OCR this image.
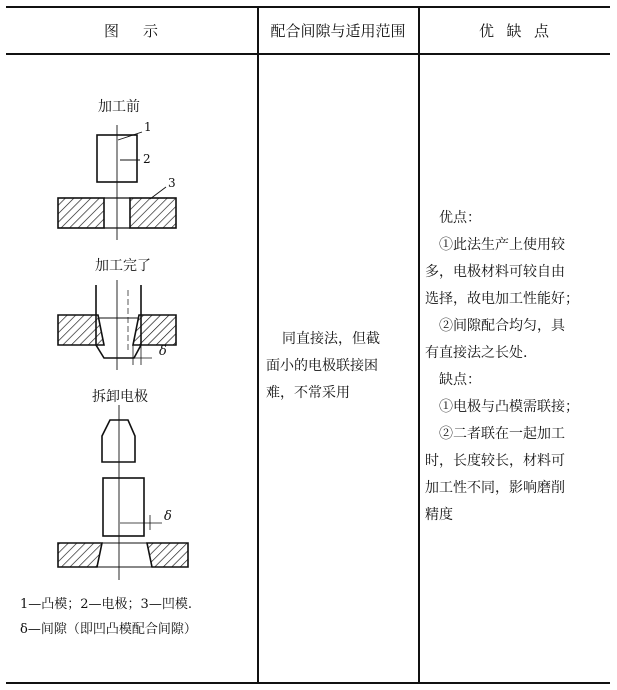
图    示	配合间隙与适用范围	优  缺  点
加工前
1
2
3
加工完了
δ
拆卸电极
δ

1—凸模；2—电极；3—凹模.

δ—间隙（即凹凸模配合间隙）

同直接法，但截

面小的电极联接困

难，不常采用

优点：

①此法生产上使用较

多，电极材料可较自由

选择，故电加工性能好；

②间隙配合均匀，具

有直接法之长处.

缺点：

①电极与凸模需联接；

②二者联在一起加工

时，长度较长，材料可

加工性不同，影响磨削

精度
